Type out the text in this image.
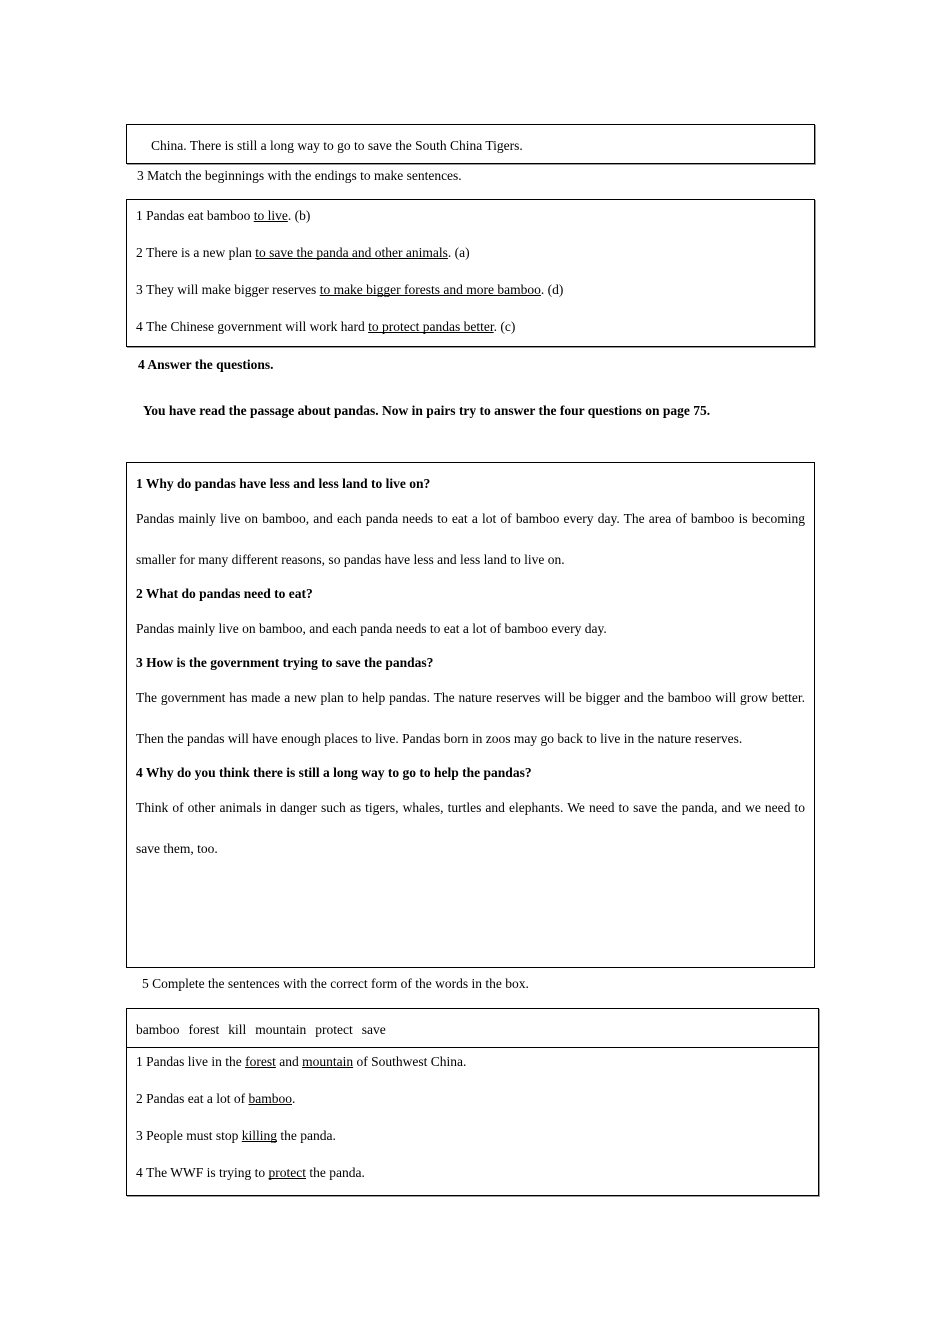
China. There is still a long way to go to save the South China Tigers.
3 Match the beginnings with the endings to make sentences.
1 Pandas eat bamboo to live. (b)
2 There is a new plan to save the panda and other animals. (a)
3 They will make bigger reserves to make bigger forests and more bamboo. (d)
4 The Chinese government will work hard to protect pandas better. (c)
4 Answer the questions.
You have read the passage about pandas. Now in pairs try to answer the four questions on page 75.

1 Why do pandas have less and less land to live on?

Pandas mainly live on bamboo, and each panda needs to eat a lot of bamboo every day. The area of bamboo is becoming smaller for many different reasons, so pandas have less and less land to live on.

2 What do pandas need to eat?

Pandas mainly live on bamboo, and each panda needs to eat a lot of bamboo every day.

3 How is the government trying to save the pandas?

The government has made a new plan to help pandas. The nature reserves will be bigger and the bamboo will grow better. Then the pandas will have enough places to live. Pandas born in zoos may go back to live in the nature reserves.

4 Why do you think there is still a long way to go to help the pandas?

Think of other animals in danger such as tigers, whales, turtles and elephants. We need to save the panda, and we need to save them, too.

5 Complete the sentences with the correct form of the words in the box.
bamboo forest kill mountain protect save
1 Pandas live in the forest and mountain of Southwest China.
2 Pandas eat a lot of bamboo.
3 People must stop killing the panda.
4 The WWF is trying to protect the panda.
